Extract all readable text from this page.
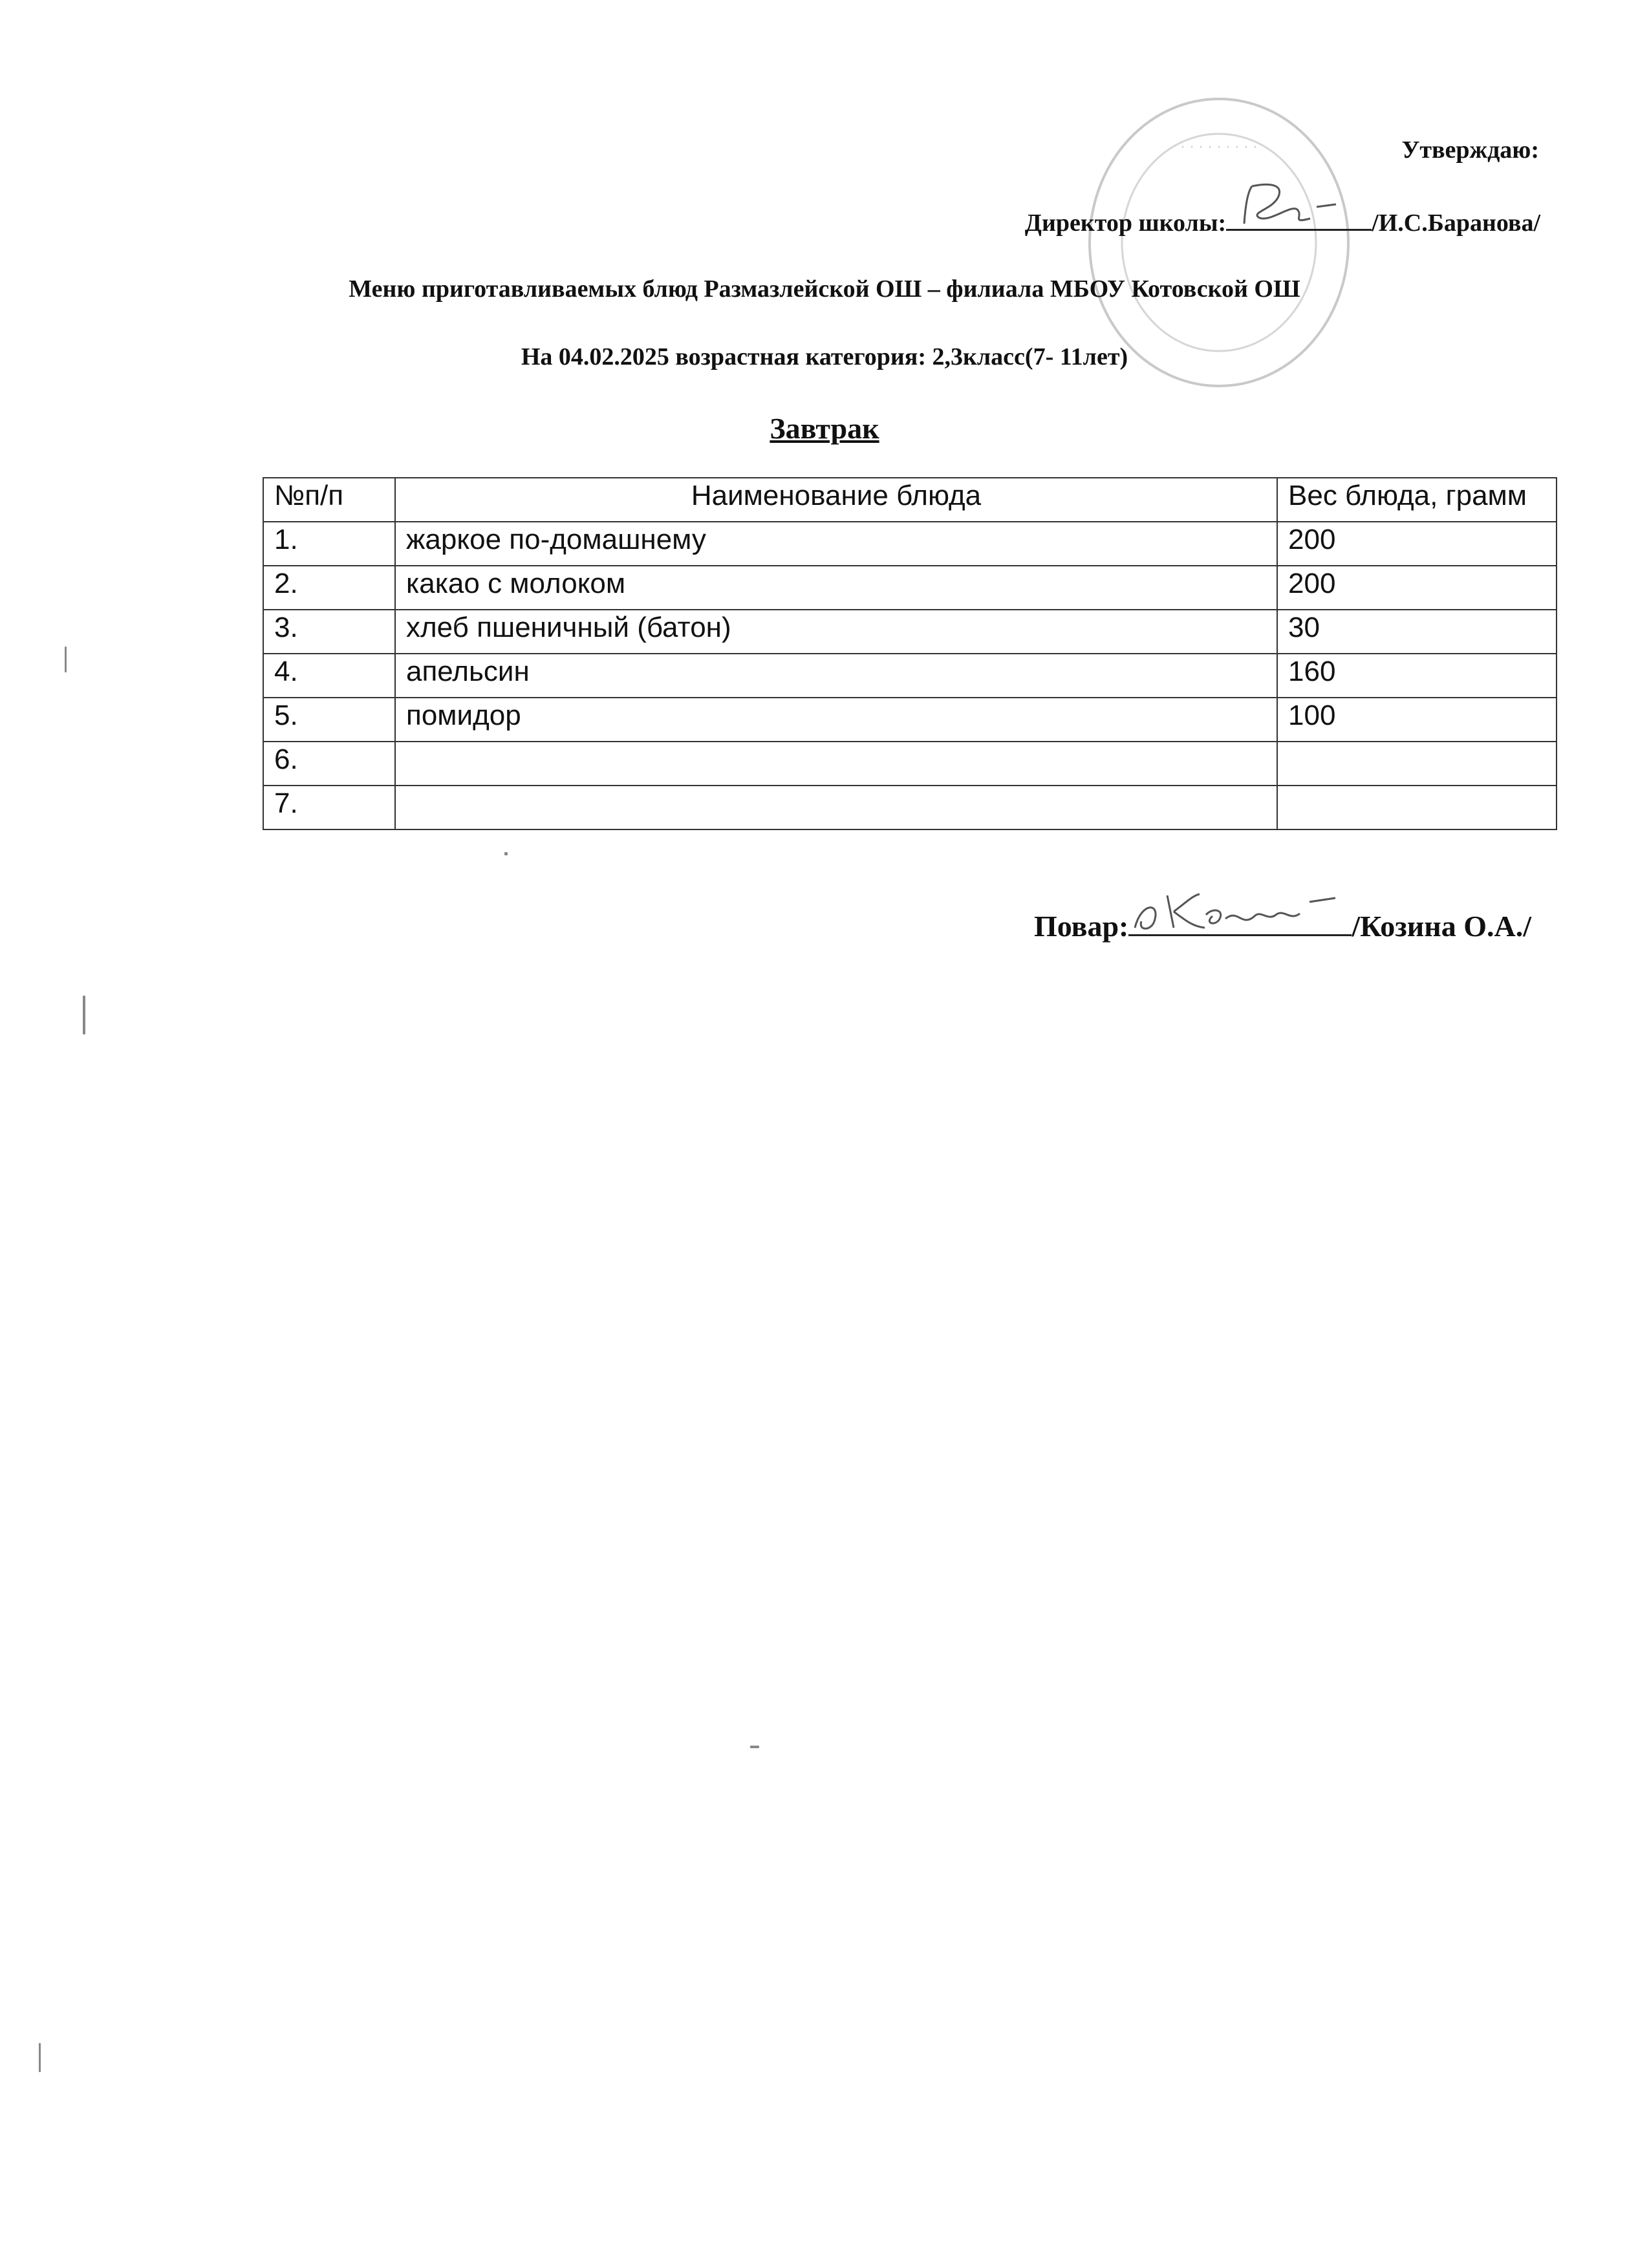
· · · · · · · · ·	Утверждаю:
Директор школы:	/И.С.Баранова/
Меню приготавливаемых блюд Размазлейской ОШ – филиала МБОУ Котовской ОШ
На 04.02.2025 возрастная категория: 2,3класс(7- 11лет)
Завтрак
№п/п	Наименование блюда	Вес блюда, грамм
1.	жаркое по-домашнему	200
2.	какао с молоком	200
3.	хлеб пшеничный (батон)	30
4.	апельсин	160
5.	помидор	100
6.		
7.		
Повар:	/Козина О.А./
